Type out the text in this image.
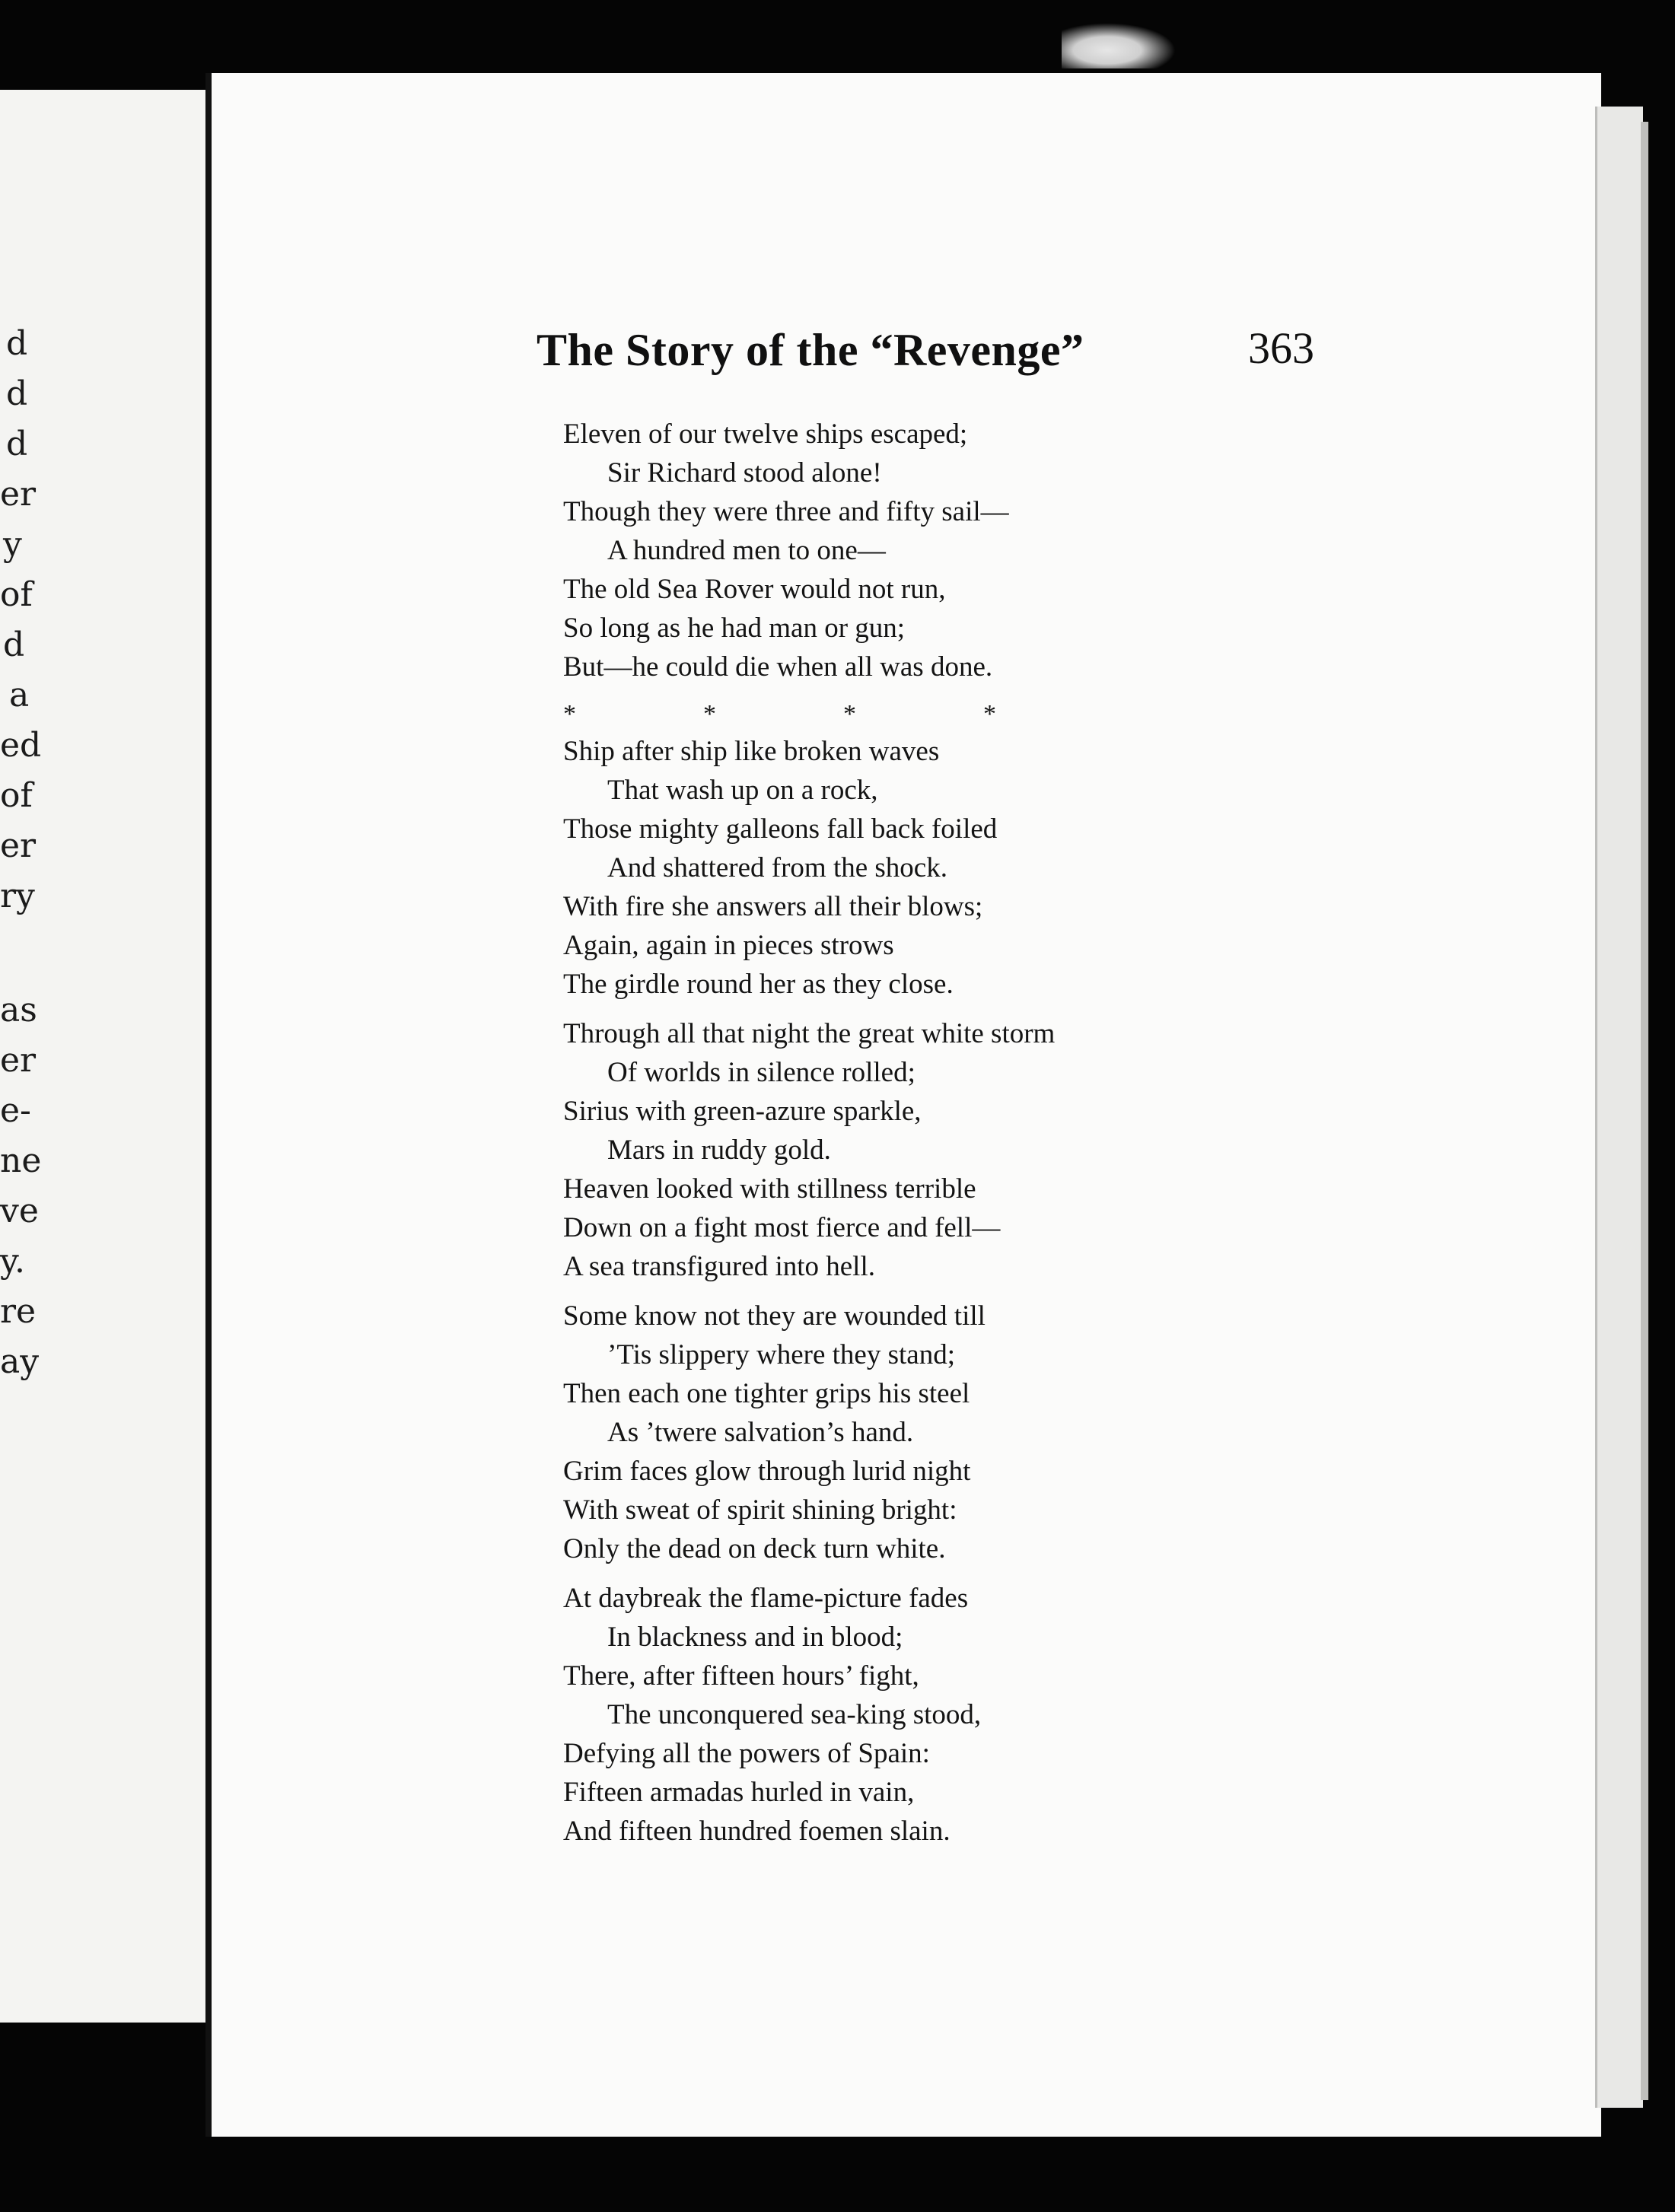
d
d
d
er
y
of
d
a
ed
of
er
ry
as
er
e-
ne
ve
y.
re
ay
The Story of the “Revenge”	363
Eleven of our twelve ships escaped;
Sir Richard stood alone!
Though they were three and fifty sail—
A hundred men to one—
The old Sea Rover would not run,
So long as he had man or gun;
But—he could die when all was done.
*	*	*	*
Ship after ship like broken waves
That wash up on a rock,
Those mighty galleons fall back foiled
And shattered from the shock.
With fire she answers all their blows;
Again, again in pieces strows
The girdle round her as they close.
Through all that night the great white storm
Of worlds in silence rolled;
Sirius with green-azure sparkle,
Mars in ruddy gold.
Heaven looked with stillness terrible
Down on a fight most fierce and fell—
A sea transfigured into hell.
Some know not they are wounded till
’Tis slippery where they stand;
Then each one tighter grips his steel
As ’twere salvation’s hand.
Grim faces glow through lurid night
With sweat of spirit shining bright:
Only the dead on deck turn white.
At daybreak the flame-picture fades
In blackness and in blood;
There, after fifteen hours’ fight,
The unconquered sea-king stood,
Defying all the powers of Spain:
Fifteen armadas hurled in vain,
And fifteen hundred foemen slain.
